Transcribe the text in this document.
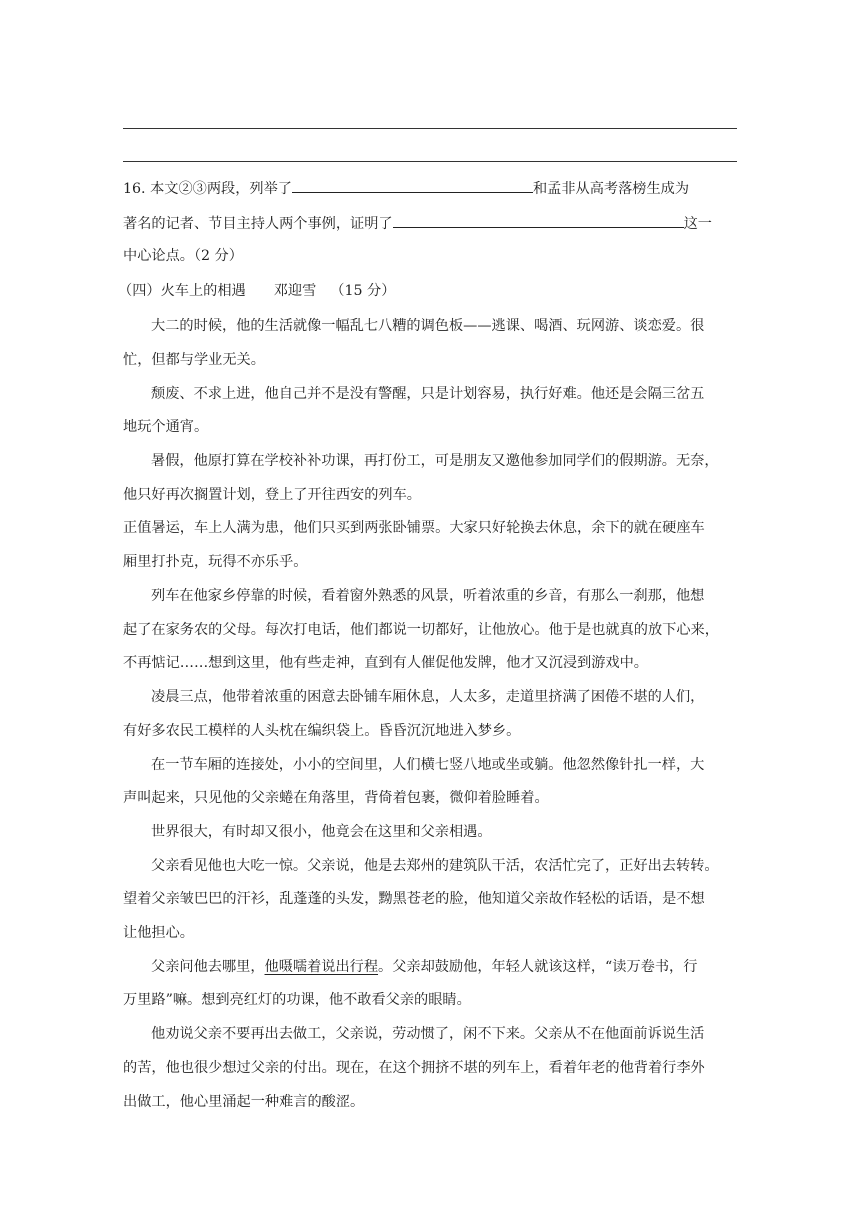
16. 本文②③两段，列举了	和孟非从高考落榜生成为
著名的记者、节目主持人两个事例，证明了	这一
中心论点。（2 分）
（四）火车上的相遇 邓迎雪 （15 分）
大二的时候，他的生活就像一幅乱七八糟的调色板——逃课、喝酒、玩网游、谈恋爱。很
忙，但都与学业无关。
颓废、不求上进，他自己并不是没有警醒，只是计划容易，执行好难。他还是会隔三岔五
地玩个通宵。
暑假，他原打算在学校补补功课，再打份工，可是朋友又邀他参加同学们的假期游。无奈，
他只好再次搁置计划，登上了开往西安的列车。
正值暑运，车上人满为患，他们只买到两张卧铺票。大家只好轮换去休息，余下的就在硬座车
厢里打扑克，玩得不亦乐乎。
列车在他家乡停靠的时候，看着窗外熟悉的风景，听着浓重的乡音，有那么一刹那，他想
起了在家务农的父母。每次打电话，他们都说一切都好，让他放心。他于是也就真的放下心来，
不再惦记……想到这里，他有些走神，直到有人催促他发牌，他才又沉浸到游戏中。
凌晨三点，他带着浓重的困意去卧铺车厢休息，人太多，走道里挤满了困倦不堪的人们，
有好多农民工模样的人头枕在编织袋上。昏昏沉沉地进入梦乡。
在一节车厢的连接处，小小的空间里，人们横七竖八地或坐或躺。他忽然像针扎一样，大
声叫起来，只见他的父亲蜷在角落里，背倚着包裹，微仰着脸睡着。
世界很大，有时却又很小，他竟会在这里和父亲相遇。
父亲看见他也大吃一惊。父亲说，他是去郑州的建筑队干活，农活忙完了，正好出去转转。
望着父亲皱巴巴的汗衫，乱蓬蓬的头发，黝黑苍老的脸，他知道父亲故作轻松的话语，是不想
让他担心。
父亲问他去哪里，他嗫嚅着说出行程。父亲却鼓励他，年轻人就该这样，“读万卷书，行
万里路”嘛。想到亮红灯的功课，他不敢看父亲的眼睛。
他劝说父亲不要再出去做工，父亲说，劳动惯了，闲不下来。父亲从不在他面前诉说生活
的苦，他也很少想过父亲的付出。现在，在这个拥挤不堪的列车上，看着年老的他背着行李外
出做工，他心里涌起一种难言的酸涩。
